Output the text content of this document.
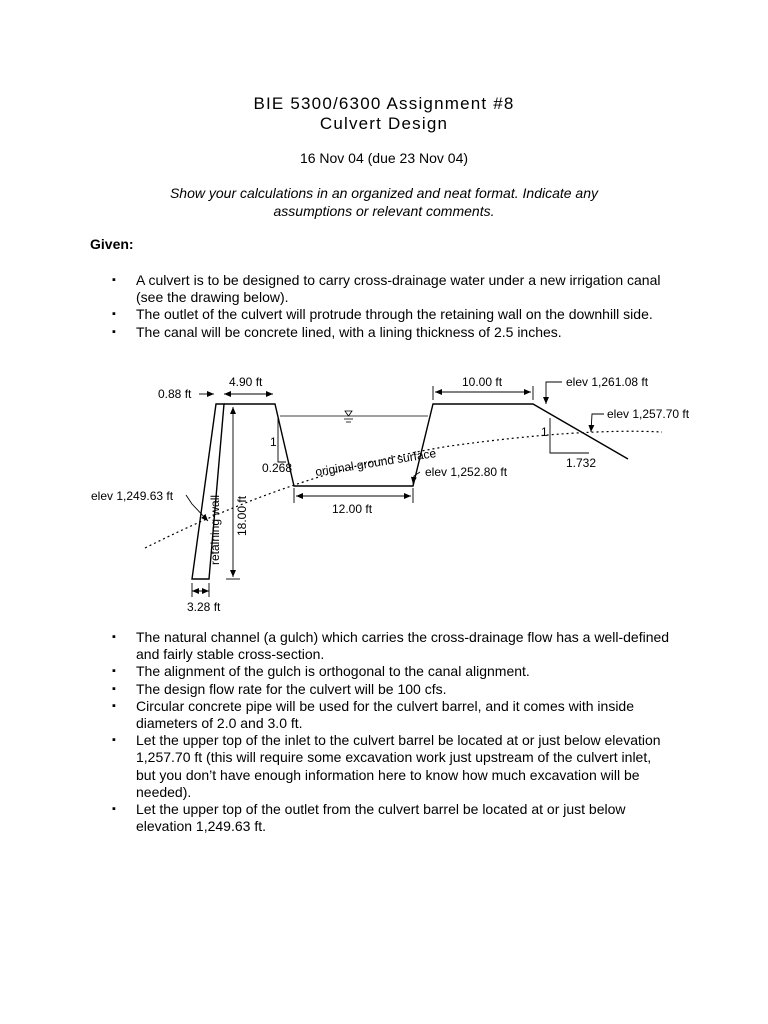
BIE 5300/6300 Assignment #8
Culvert Design
16 Nov 04 (due 23 Nov 04)
Show your calculations in an organized and neat format. Indicate any
assumptions or relevant comments.
Given:
▪ A culvert is to be designed to carry cross-drainage water under a new irrigation canal (see the drawing below).
▪ The outlet of the culvert will protrude through the retaining wall on the downhill side.
▪ The canal will be concrete lined, with a lining thickness of 2.5 inches.
0.88 ft
4.90 ft	10.00 ft	elev 1,261.08 ft
elev 1,257.70 ft
1
0.268 original ground surface
elev 1,252.80 ft
1
1.732
elev 1,249.63 ft	18.00 ft
retaining wall	12.00 ft
3.28 ft
▪ The natural channel (a gulch) which carries the cross-drainage flow has a well-defined and fairly stable cross-section.
▪ The alignment of the gulch is orthogonal to the canal alignment.
▪ The design flow rate for the culvert will be 100 cfs.
▪ Circular concrete pipe will be used for the culvert barrel, and it comes with inside diameters of 2.0 and 3.0 ft.
▪ Let the upper top of the inlet to the culvert barrel be located at or just below elevation 1,257.70 ft (this will require some excavation work just upstream of the culvert inlet, but you don’t have enough information here to know how much excavation will be needed).
▪ Let the upper top of the outlet from the culvert barrel be located at or just below elevation 1,249.63 ft.
